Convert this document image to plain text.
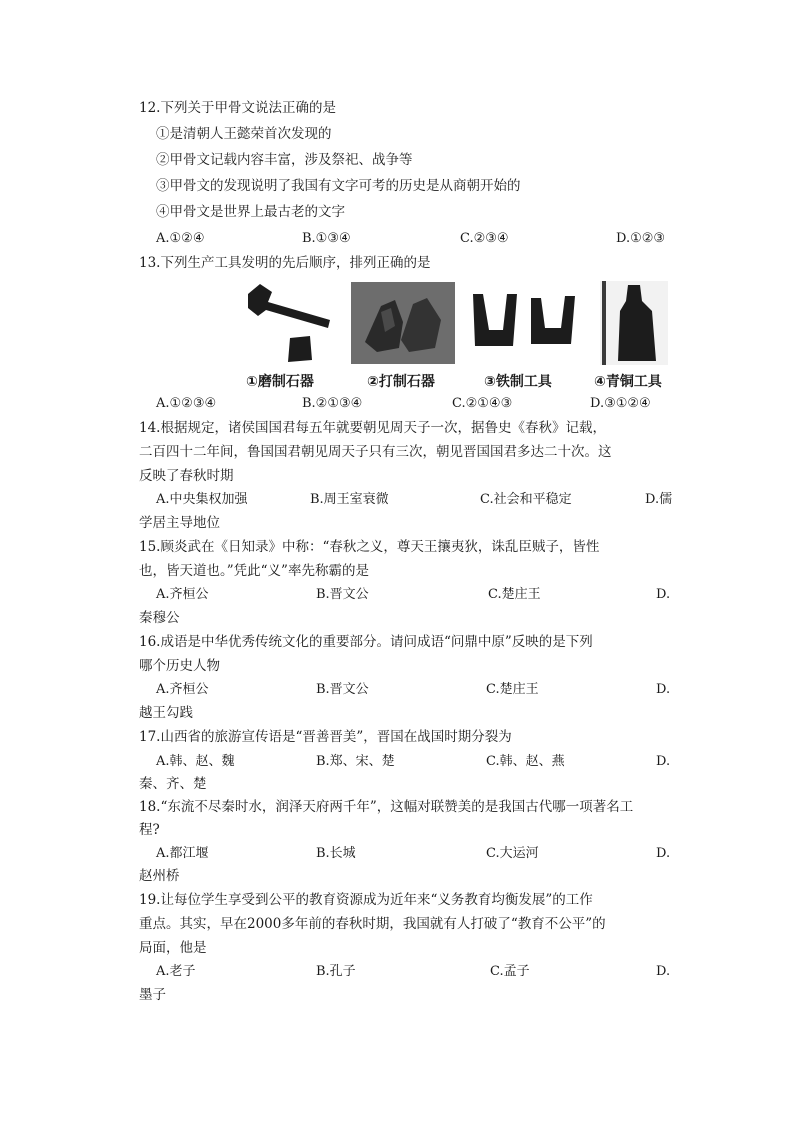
12.下列关于甲骨文说法正确的是
①是清朝人王懿荣首次发现的
②甲骨文记载内容丰富，涉及祭祀、战争等
③甲骨文的发现说明了我国有文字可考的历史是从商朝开始的
④甲骨文是世界上最古老的文字
A.①②④	B.①③④	C.②③④	D.①②③
13.下列生产工具发明的先后顺序，排列正确的是
①磨制石器	②打制石器	③铁制工具	④青铜工具
A.①②③④	B.②①③④	C.②①④③	D.③①②④
14.根据规定，诸侯国国君每五年就要朝见周天子一次，据鲁史《春秋》记载，
二百四十二年间，鲁国国君朝见周天子只有三次，朝见晋国国君多达二十次。这
反映了春秋时期
A.中央集权加强	B.周王室衰微	C.社会和平稳定	D.儒
学居主导地位
15.顾炎武在《日知录》中称：“春秋之义，尊天王攘夷狄，诛乱臣贼子，皆性
也，皆天道也。”凭此“义”率先称霸的是
A.齐桓公	B.晋文公	C.楚庄王	D.
秦穆公
16.成语是中华优秀传统文化的重要部分。请问成语“问鼎中原”反映的是下列
哪个历史人物
A.齐桓公	B.晋文公	C.楚庄王	D.
越王勾践
17.山西省的旅游宣传语是“晋善晋美”，晋国在战国时期分裂为
A.韩、赵、魏	B.郑、宋、楚	C.韩、赵、燕	D.
秦、齐、楚
18.“东流不尽秦时水，润泽天府两千年”，这幅对联赞美的是我国古代哪一项著名工
程?
A.都江堰	B.长城	C.大运河	D.
赵州桥
19.让每位学生享受到公平的教育资源成为近年来“义务教育均衡发展”的工作
重点。其实，早在2000多年前的春秋时期，我国就有人打破了“教育不公平”的
局面，他是
A.老子	B.孔子	C.孟子	D.
墨子
